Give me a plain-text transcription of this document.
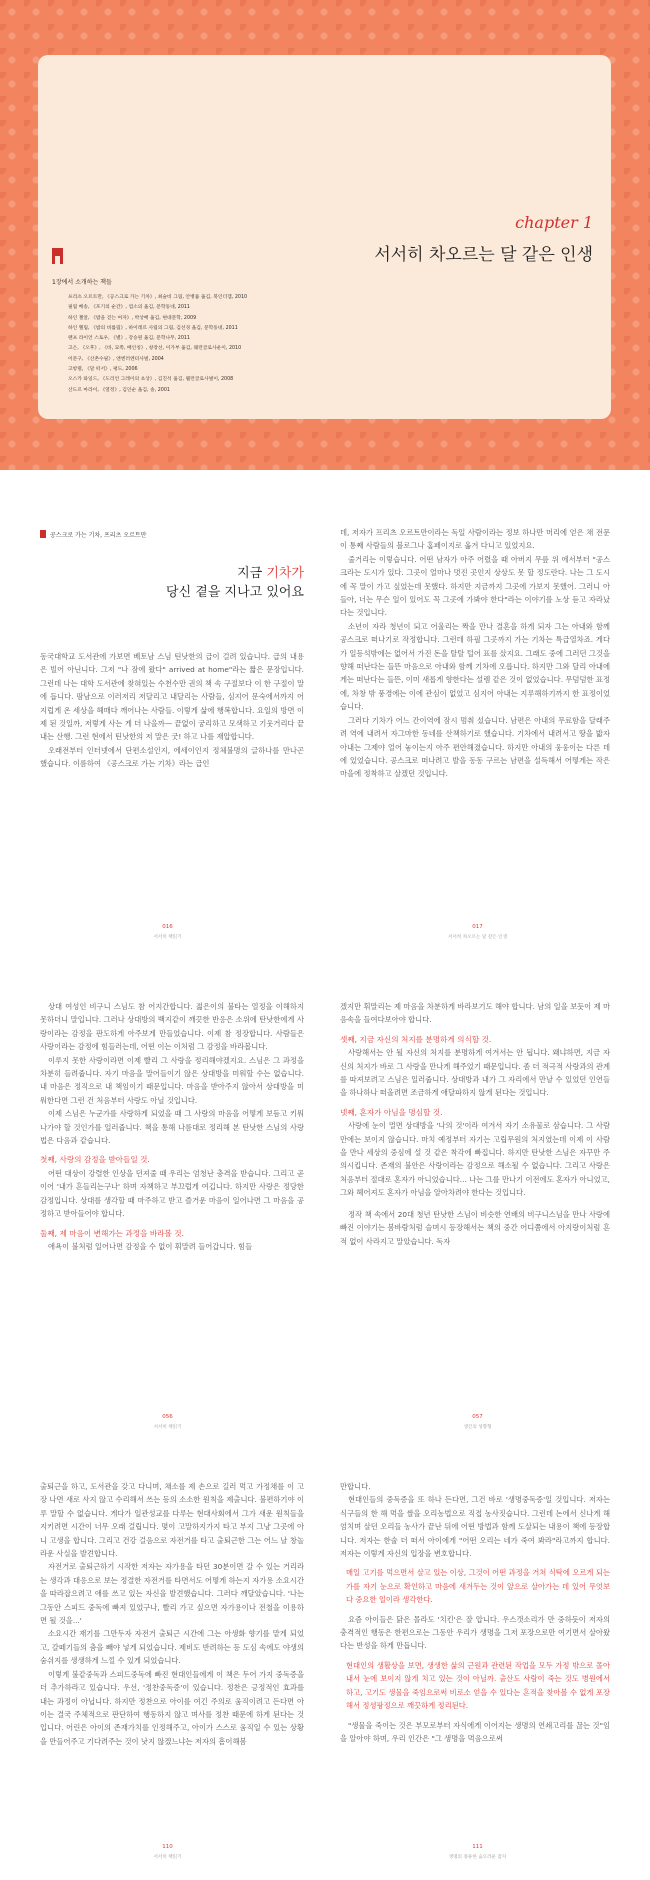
chapter 1
서서히 차오르는 달 같은 인생
1장에서 소개하는 책들
프리츠 오르트만, 《공스크로 가는 기차》, 최슬비 그림, 안병률 옮김, 북인더갭, 2010
필립 베송, 《포기의 순간》, 염소의 옮김, 문학동네, 2011
하인 젤알, 《밤을 걷는 여자》, 박상배 옮김, 현대문학, 2009
하인 헬림, 《밤의 비를림》, 하이레르 사립의 그림, 김선경 옮김, 문학동네, 2011
랜프 라이언 스토우, 《별》, 강승원 옮김, 문학나무, 2011
고은, 《오후》, 《바, 묘쪽, 배인칭》, 창장선, 이가부 옮김, 웨런글로사운이, 2010
이문구, 《산촌수필》, 엔엔러엔터사벌, 2004
고항렬, 《달 떠서》, 평도, 2006
오스카 와일드, 《도리언 그레이의 초상》, 김진석 옮김, 웹런글로사벌이, 2008
산도르 마라이, 《열정》, 김인순 옮김, 솔, 2001
공스크로 가는 기차, 프리츠 오르트만
지금 기차가
당신 곁을 지나고 있어요

동국대학교 도서관에 가보면 베토남 스님 틴낫한의 급이 걸려 있습니다. 급의 내용은 빌어 아닌니다. 그저 "나 잠에 왔다" arrived at home"라는 짧은 문장입니다. 그런데 나는 대학 도서관에 찾혀있는 수천수만 권의 책 속 구절보다 이 한 구절이 말에 듭니다. 땀남으로 이러저리 저달리고 내달리는 사람들, 심지어 문숙에서까지 어지럽게 온 세상을 헤매다 깨어나는 사람들. 이렇게 삶에 행복합니다. 요일의 방면 이제 된 것일까, 저렇게 사는 게 더 나을까— 끝없이 궁리하고 모색하고 기웃거리다 끝내는 산행. 그런 현에서 틴낫한의 저 말은 굿! 하고 나를 재압합니다.

오래전부터 인터넷에서 단편소설인지, 에세이인지 정체불명의 글하나를 만나곤 했습니다. 이름하여 《공스크로 가는 기차》라는 급인

016
서서히 책읽기

데, 저자가 프리츠 오르트만이라는 독일 사람이라는 정보 하나만 머리에 얻은 채 전문이 통째 사람들의 블로그나 홈페이지로 옮겨 다니고 있었지요.

줄거리는 이렇습니다. 어떤 남자가 아주 어렸을 때 아버지 무릎 위 에서부터 "공스크라는 도시가 있다. 그곳이 얼마나 멋진 곳인지 상상도 못 할 정도란다. 나는 그 도시에 꼭 말이 가고 싶었는데 못했다. 하지만 지금까지 그곳에 가보지 못했어. 그러니 아들아, 너는 무슨 일이 있어도 꼭 그곳에 가봐야 한다"라는 이야기를 노상 듣고 자라났다는 것입니다.

소년이 자라 청년이 되고 어울리는 짝을 만나 결혼을 하게 되자 그는 아내와 함께 공스크로 떠나기로 작정합니다. 그런데 하필 그곳까지 가는 기차는 특급열차죠. 게다가 일등석밖에는 없어서 가진 돈을 탈탈 털어 표를 샀지요. 그래도 중에 그러던 그것을 향해 떠난다는 들뜬 마음으로 아내와 함께 기차에 오릅니다. 하지만 그와 달리 아내에 게는 떠난다는 들뜬, 이미 새롭게 향한다는 설렘 같은 것이 없었습니다. 무덤덤한 표정에, 차창 밖 풍경에는 이에 관심이 없었고 심지어 아내는 지루해하기까지 한 표정이었습니다.

그러다 기차가 어느 간이역에 잠시 멈춰 섰습니다. 남편은 아내의 무료함을 달래주려 역에 내려서 자그마한 동네를 산책하기로 했습니다. 기차에서 내려서고 땅을 밟자 아내는 그제야 얼어 놓이는지 아주 편안해졌습니다. 하지만 아내의 웅웅이는 다른 데에 있었습니다. 공스크로 떠나려고 발을 동동 구르는 남편을 설득해서 어떻게는 작은 마을에 정착하고 살겠던 것입니다.

017
서서히 차오르는 달 같은 인생

상대 여성인 비구니 스님도 참 어지간합니다. 젊은이의 불타는 열정을 이해하지 못하더니 말입니다. 그러나 상대방의 백지같이 깨끗한 반응은 소위에 탄낫한에게 사랑이라는 감정을 판도하게 아주보게 만들었습니다. 이제 참 정장합니다. 사람들은 사랑이라는 감정에 힘들러는데, 어떤 이는 이처럼 그 감정을 바라봅니다.

이루지 못한 사랑이라면 이제 빨리 그 사랑을 정리해야겠지요. 스님은 그 과정을 차분히 들려줍니다. 자기 마음을 말어들이기 않은 상대방을 미워할 수는 없습니다. 내 마음은 정직으로 내 책임이기 때문입니다. 마음을 받아주지 않아서 상대방을 미워한다면 그런 건 처음부터 사랑도 아닐 것입니다.

이제 스님은 누군가를 사랑하게 되었을 때 그 사랑의 마음을 어떻게 보듬고 키워나가야 할 것인가를 일러줍니다. 책을 통해 나름대로 정리해 본 탄낫한 스님의 사랑법은 다음과 같습니다.

첫째, 사랑의 감정을 받아들일 것.

어떤 대상이 강렬한 인상을 던져줄 때 우리는 엄청난 충격을 받습니다. 그리고 곧이어 '내가 흔들리는구나' 하며 자책하고 부끄럽게 여깁니다. 하지만 사랑은 정당한 감정입니다. 상대를 생각할 때 마주하고 받고 즐거운 마음이 일어나면 그 마음을 공정하고 받아들어야 합니다.

둘째, 제 마음이 변해가는 과정을 바라볼 것.

애욕이 불처럼 일어나면 감정을 수 없이 휘말려 들어갑니다. 힘들

056
서서히 책읽기

겠지만 휘말리는 제 마음을 차분하게 바라보기도 해야 합니다. 남의 일을 보듯이 제 마음속을 들여다보아야 합니다.

셋째, 지금 자신의 처지를 분명하게 의식할 것.

사랑해서는 안 될 자신의 처지를 분명하게 여겨서는 안 됩니다. 왜냐하면, 지금 자신의 처지가 바로 그 사랑을 만나게 해주었기 때문입니다. 좀 더 적극적 사랑과의 관계를 따져보려고 스님은 일러줍니다. 상대방과 내가 그 자리에서 만날 수 있었던 인연들을 하나하나 떠올려면 조금하게 애달파하지 않게 된다는 것입니다.

넷째, 혼자가 아님을 명심할 것.

사랑에 눈이 멀면 상대방을 '나의 것'이라 여겨서 자기 소유물로 삼습니다. 그 사람만에는 보이지 않습니다. 마치 예정부터 자기는 고립무원의 처지였는데 이제 이 사람을 만나 세상의 중심에 설 것 같은 착각에 빠집니다. 하지만 탄낫한 스님은 자꾸만 주의시킵니다. 존재의 불안은 사랑이라는 감정으로 해소될 수 없습니다. 그리고 사랑은 처음부터 절대로 혼자가 아니었습니다... 나는 그를 만나기 이전에도 혼자가 아니었고, 그와 헤어져도 혼자가 아님을 알아차려야 한다는 것입니다.

정작 책 속에서 20대 청년 탄낫한 스님이 비슷한 연배의 비구니스님을 만나 사랑에 빠진 이야기는 봄바람처럼 슬며시 등장해서는 책의 중간 어디쯤에서 아지랑이처럼 흔적 없이 사라지고 말았습니다. 독자

057
생긴의 성향형

출퇴근을 하고, 도서관을 갖고 다니며, 채소를 제 손으로 길러 먹고 가정채를 이 고장 나면 새로 사지 않고 수리해서 쓰는 등의 소소한 원칙을 제출니다. 불편하기야 이루 말할 수 없습니다. 게다가 일관성교를 다루는 현대사회에서 그가 새운 원칙들을 지키려면 시간이 너무 오래 걸립니다. 몇이 고말하지가지 타고 부지 그냥 그곳에 아니 고생을 합니다. 그리고 건강 걸음으로 자전거를 타고 출퇴근한 그는 어느 날 창놀라운 사실을 발견합니다.

자전거로 출퇴근하기 시작한 저자는 자가용을 타던 30분이면 갈 수 있는 거리라는 생각과 대응으로 보는 정결한 자전거를 타면서도 어떻게 하는지 자가용 소요시간을 따라잡으려고 애를 쓰고 있는 자신을 발견했습니다. 그러다 깨달았습니다. '나는 그동안 스피드 중독에 빠져 있었구나, 빨리 가고 싶으면 자가용이나 전철을 이용하면 될 것을...'

소요시간 재기를 그만두자 자전거 출퇴근 시간에 그는 아생화 향기를 맡게 되었고, 갈떼기들의 춤을 빼야 넣게 되었습니다. 제비도 반려하는 등 도심 속에도 야생의 숨쉬지를 생생하게 느낄 수 있게 되었습니다.

이렇게 불같중독과 스피드중독에 빠진 현대인들에게 이 책은 두어 가지 중독증을 더 추가하라고 있습니다. 우선, '정찬중독증'이 있습니다. 정찬은 긍정적인 효과를 내는 과정이 아닙니다. 하지만 정찬으로 아이를 여긴 주의로 움직이려고 든다면 아이는 결국 주체적으로 판단하여 행동하지 않고 며사를 정찬 때문에 하게 된다는 것입니다. 어린은 아이의 존재가치를 인정해주고, 아이가 스스로 움직일 수 있는 상황을 만들어주고 기다려주는 것이 낫지 않겠느냐는 저자의 흠이해봄

110
서서히 책읽기

만합니다.

현대인들의 중독증을 또 하나 든다면, 그건 바로 '생명중독증'일 것입니다. 저자는 식구들의 한 해 먹을 쌀을 오리농법으로 직접 농사짓습니다. 그런데 논에서 신나게 해엄치며 살던 오리들 농사가 끝난 뒤에 어떤 방법과 함께 도살되는 내용이 책에 등장합니다. 저자는 한술 더 떠서 아이에게 "어떤 오리는 네가 죽여 봐라"라고까지 합니다. 저자는 이렇게 자신의 입장을 변호합니다.

매일 고기를 먹으면서 살고 있는 이상, 그것이 어떤 과정을 거쳐 식탁에 오르게 되는가를 자기 눈으로 확인하고 마음에 새겨두는 것이 앞으로 살아가는 데 있어 무엇보다 중요한 일이라 생각한다.

요즘 아이들은 닭은 몰라도 '치킨'은 잘 압니다. 우스갯소리가 만 중하듯이 저자의 충격적인 행동은 한편으로는 그동안 우리가 생명을 그저 포장으로만 여기면서 살아왔다는 반성을 하게 만듭니다.

현대인의 생활상을 보면, 생생한 삶의 근원과 관련된 작업을 모두 가정 밖으로 몰아내서 눈에 보이지 않게 치고 있는 것이 아닐까. 출산도 사람이 죽는 것도 병원에서 하고, 고기도 생물을 죽임으로써 비로소 얻을 수 있다는 흔적을 찾아볼 수 없게 포장해서 정셩팡정으로 깨끗하게 정리된다.

"생물을 죽이는 것은 부모로부터 자식에게 이어지는 생명의 연쇄고리를 끊는 것"임을 알아야 하며, 우리 인간은 "그 생명을 먹음으로써

111
생명의 종류한 숨으러운 잠자
